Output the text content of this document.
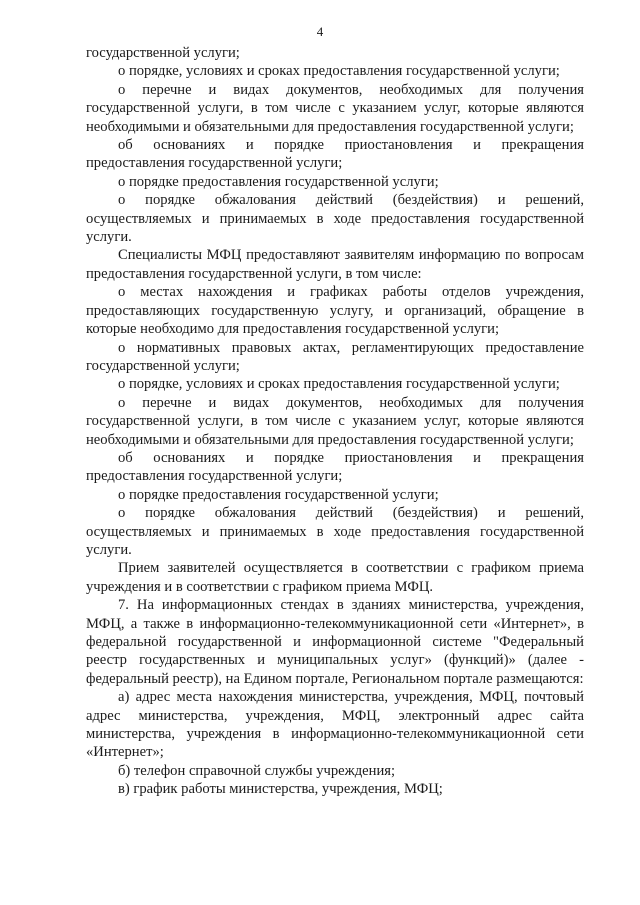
4

государственной услуги;

о порядке, условиях и сроках предоставления государственной услуги;

о перечне и видах документов, необходимых для получения государственной услуги, в том числе с указанием услуг, которые являются необходимыми и обязательными для предоставления государственной услуги;

об основаниях и порядке приостановления и прекращения предоставления государственной услуги;

о порядке предоставления государственной услуги;

о порядке обжалования действий (бездействия) и решений, осуществляемых и принимаемых в ходе предоставления государственной услуги.

Специалисты МФЦ предоставляют заявителям информацию по вопросам предоставления государственной услуги, в том числе:

о местах нахождения и графиках работы отделов учреждения, предоставляющих государственную услугу, и организаций, обращение в которые необходимо для предоставления государственной услуги;

о нормативных правовых актах, регламентирующих предоставление государственной услуги;

о порядке, условиях и сроках предоставления государственной услуги;

о перечне и видах документов, необходимых для получения государственной услуги, в том числе с указанием услуг, которые являются необходимыми и обязательными для предоставления государственной услуги;

об основаниях и порядке приостановления и прекращения предоставления государственной услуги;

о порядке предоставления государственной услуги;

о порядке обжалования действий (бездействия) и решений, осуществляемых и принимаемых в ходе предоставления государственной услуги.

Прием заявителей осуществляется в соответствии с графиком приема учреждения и в соответствии с графиком приема МФЦ.

7. На информационных стендах в зданиях министерства, учреждения, МФЦ, а также в информационно-телекоммуникационной сети «Интернет», в федеральной государственной и информационной системе "Федеральный реестр государственных и муниципальных услуг» (функций)» (далее - федеральный реестр), на Едином портале, Региональном портале размещаются:

а) адрес места нахождения министерства, учреждения, МФЦ, почтовый адрес министерства, учреждения, МФЦ, электронный адрес сайта министерства, учреждения в информационно-телекоммуникационной сети «Интернет»;

б) телефон справочной службы учреждения;

в) график работы министерства, учреждения, МФЦ;
